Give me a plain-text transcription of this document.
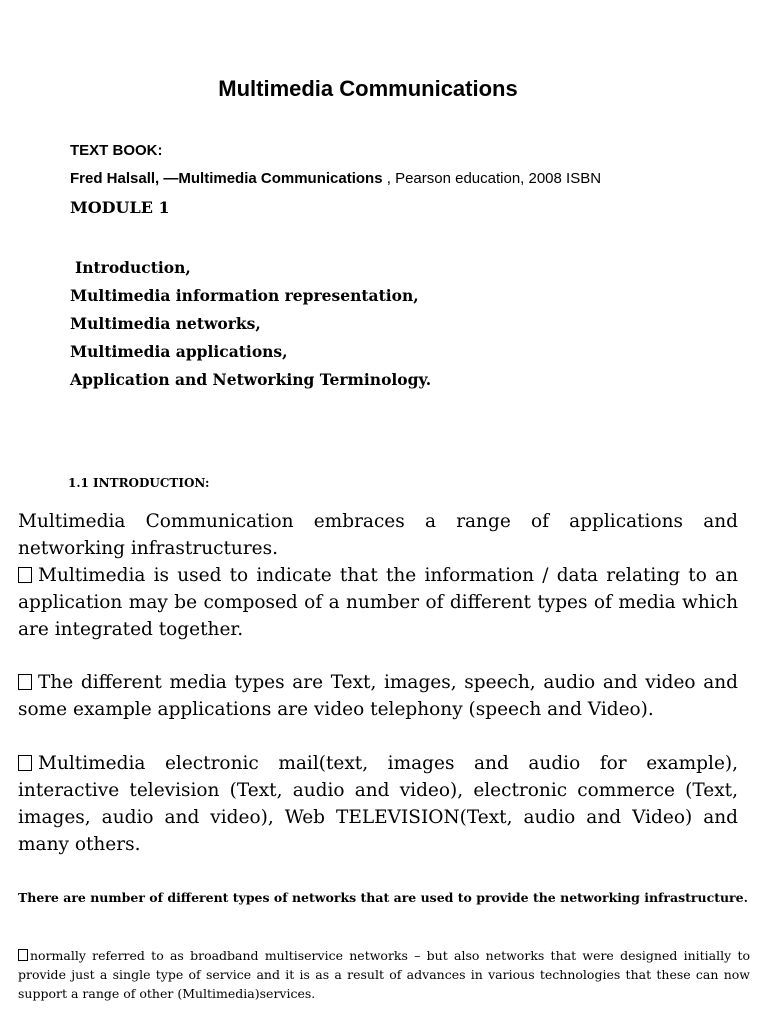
Multimedia Communications
TEXT BOOK:
Fred Halsall, —Multimedia Communications , Pearson education, 2008 ISBN
MODULE 1
Introduction,
Multimedia information representation,
Multimedia networks,
Multimedia applications,
Application and Networking Terminology.
1.1 INTRODUCTION:

Multimedia Communication embraces a range of applications and networking infrastructures.

Multimedia is used to indicate that the information / data relating to an application may be composed of a number of different types of media which are integrated together.

The different media types are Text, images, speech, audio and video and some example applications are video telephony (speech and Video).

Multimedia electronic mail(text, images and audio for example), interactive television (Text, audio and video), electronic commerce (Text, images, audio and video), Web TELEVISION(Text, audio and Video) and many others.

There are number of different types of networks that are used to provide the networking infrastructure.

normally referred to as broadband multiservice networks – but also networks that were designed initially to provide just a single type of service and it is as a result of advances in various technologies that these can now support a range of other (Multimedia)services.
